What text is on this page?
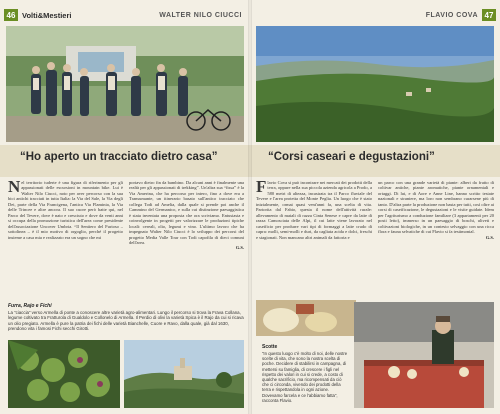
46 Volti&Mestieri	WALTER NILO CIUCCI
“Ho aperto un tracciato dietro casa”
N el territorio tuderte è una figura di riferimento per gli appassionati delle escursioni in mountain bike. Lui è Walter Nilo Ciucci, noto per aver percorso con la sua bici antichi tracciati in tutta Italia: la Via del Sale, la Via degli Dei, parte della Via Francigena, l'antica Via Flaminia, la Via delle Trincee e altre ancora. Il suo cuore però batte qui, nel Parco del Tevere, dove è nato e cresciuto e dove da venti anni si occupa della promozione turistica dell'area come presidente dell'associazione Uncover Umbria. “Il Sentiero del Furioso – sottolinea – è il mio motivo di orgoglio, perché il progetto insieme a casa mia e realizzato era un sogno che mi
portavo dietro fin da bambino. Da alcuni anni è finalmente una realtà per gli appassionati di trekking”. Un'altra sua “fissa” è la Via Amerina, che ha percorso per intero, fino a dove era a Transumante, un itinerario basato sull'antico tracciato che collega Todi ad Amelia, dalla quale si prende poi anche il Cammino del Germanico, e sulla cui distinzione paesaggistica è stata inventata una proposta che ora scriviamo. Entusiasta e coinvolgente in progetti per valorizzare le produzioni tipiche locali: cereali, olio, legumi e vino. L'ultimo lavoro che ha impegnato Walter Nilo Ciucci è lo sviluppo dei percorsi del progetto Media Valle Tour con Todi capofila di dieci comuni dell'area.
G.S.
Furra, Rajo e Fichi
La “ciaccia” verso Armella di ponte a conoscere altre varietà agro-alimentari. Lungo il percorso si trova la Frava Collana, legume coltivato tra Fratturola di Gualdolo e Collonelo di Armella. Il Perdio di olivi la varietà Spica è il Rajo da cui si ricava un olio pregiato. Armella è pure la patria dei fichi delle varietà Bianchelle, Cuore e Ravo, dalla quale, già dal 1630, prendono vita i famosi Fichi secchi Girotti.
FLAVIO COVA 47
“Corsi caseari e degustazioni”
F lavio Cova si può incontrare nei mercati dei prodotti della terra, oppure nella sua piccola azienda agricola a Prodo, a 580 metri di altezza, incastrata tra il Parco fluviale del Tevere e l'area protetta del Monte Peglia. Un luogo che è stato inizialmente, ormai quasi vent'anni fa, una scelta di vita. Partorita dal Fabio, questa il nome dell'attività rurale: allevamento di maiali di razza Cinta Senese e capre da latte di razza Camosciata delle Alpi, il cui latte viene lavorato nel caseificio per produrre vari tipi di formaggi a latte crudo di capra: molli, semi-molli e duri, da cagliata acida e dolci, freschi e stagionati. Non mancano altri animali da fattoria e
un parco con una grande varietà di piante: alberi da frutto di coltivar antiche, piante aromatiche, piante ornamentali e ortaggi. Di lui, e di Aore e Anne Line, hanno scritto testate nazionali e straniere, ma loro non sembrano curarsene più di tanto. D'altra parte la produzione non basta per tutti, così oltre ai corsi di caseificazione, le degustazioni e le visite guidate. Idem per l'agriturismo a conduzione familiare (3 appartamenti per 20 posti letto), immerso in un paesaggio di boschi, uliveti e coltivazioni biologiche, in un contesto selvaggio con una ricca flora e fauna selvatiche di cui Flavio si fa testimonial.
G.S.
Scotte
“In questo luogo c'è molto di noi, delle nostre scelte di vita, che sono la nostra scelta di poche. Decidere di stabilirsi in campagna, di mettersi su famiglia, di crescere i figli nel rispetto dei valori in cui si crede, a costo di qualche sacrificio, ma ricompensati da ciò che ci circonda, vivendo dei prodotti della terra e rispettandola in ogni azione. Dovevamo farcela e ce l'abbiamo fatta”, racconta Flavio.
